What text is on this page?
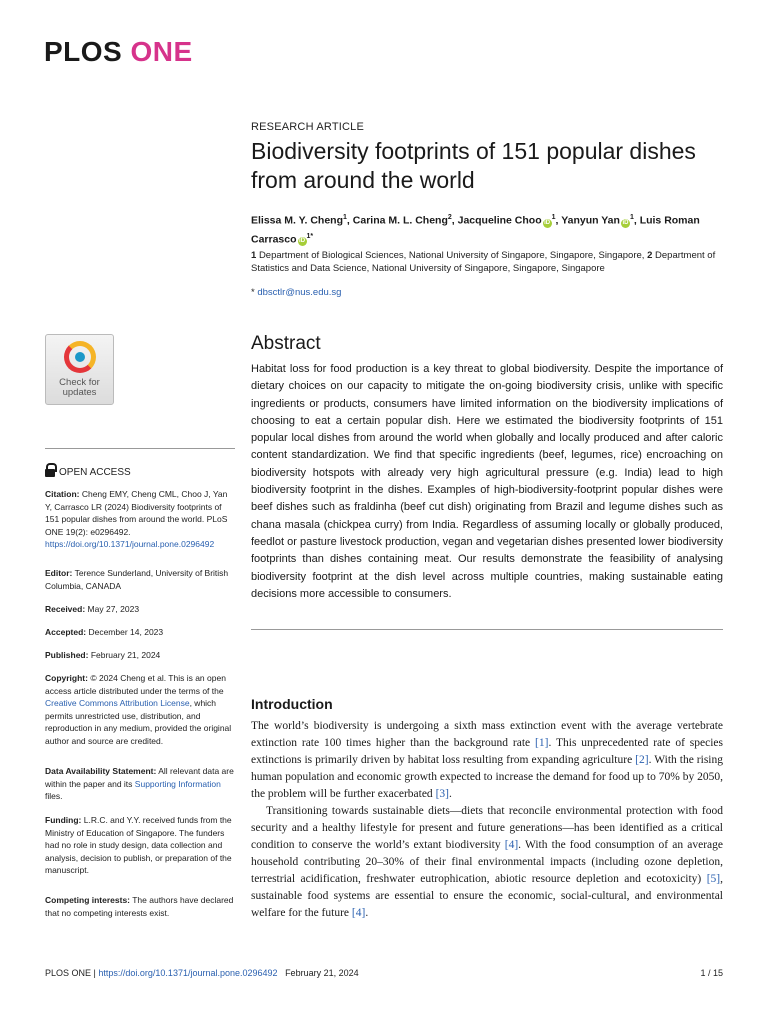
PLOS ONE
RESEARCH ARTICLE
Biodiversity footprints of 151 popular dishes from around the world
Elissa M. Y. Cheng$^1$, Carina M. L. Cheng$^2$, Jacqueline Choo $iD^1$, Yanyun Yan $iD^1$, Luis Roman Carrasco $iD^{1*}$
1 Department of Biological Sciences, National University of Singapore, Singapore, Singapore, 2 Department of Statistics and Data Science, National University of Singapore, Singapore, Singapore
* dbsctlr@nus.edu.sg
Check for
updates
OPEN ACCESS
Citation: Cheng EMY, Cheng CML, Choo J, Yan Y, Carrasco LR (2024) Biodiversity footprints of 151 popular dishes from around the world. PLoS ONE 19(2): e0296492. https://doi.org/10.1371/journal.pone.0296492
Editor: Terence Sunderland, University of British Columbia, CANADA
Received: May 27, 2023
Accepted: December 14, 2023
Published: February 21, 2024
Copyright: © 2024 Cheng et al. This is an open access article distributed under the terms of the Creative Commons Attribution License, which permits unrestricted use, distribution, and reproduction in any medium, provided the original author and source are credited.
Data Availability Statement: All relevant data are within the paper and its Supporting Information files.
Funding: L.R.C. and Y.Y. received funds from the Ministry of Education of Singapore. The funders had no role in study design, data collection and analysis, decision to publish, or preparation of the manuscript.
Competing interests: The authors have declared that no competing interests exist.
Abstract

Habitat loss for food production is a key threat to global biodiversity. Despite the importance of dietary choices on our capacity to mitigate the on-going biodiversity crisis, unlike with specific ingredients or products, consumers have limited information on the biodiversity implications of choosing to eat a certain popular dish. Here we estimated the biodiversity footprints of 151 popular local dishes from around the world when globally and locally produced and after caloric content standardization. We find that specific ingredients (beef, legumes, rice) encroaching on biodiversity hotspots with already very high agricultural pressure (e.g. India) lead to high biodiversity footprint in the dishes. Examples of high-biodiversity-footprint popular dishes were beef dishes such as fraldinha (beef cut dish) originating from Brazil and legume dishes such as chana masala (chickpea curry) from India. Regardless of assuming locally or globally produced, feedlot or pasture livestock production, vegan and vegetarian dishes presented lower biodiversity footprints than dishes containing meat. Our results demonstrate the feasibility of analysing biodiversity footprint at the dish level across multiple countries, making sustainable eating decisions more accessible to consumers.

Introduction

The world’s biodiversity is undergoing a sixth mass extinction event with the average vertebrate extinction rate 100 times higher than the background rate [1]. This unprecedented rate of species extinctions is primarily driven by habitat loss resulting from expanding agriculture [2]. With the rising human population and economic growth expected to increase the demand for food up to 70% by 2050, the problem will be further exacerbated [3].

Transitioning towards sustainable diets—diets that reconcile environmental protection with food security and a healthy lifestyle for present and future generations—has been identified as a critical condition to conserve the world’s extant biodiversity [4]. With the food consumption of an average household contributing 20–30% of their final environmental impacts (including ozone depletion, terrestrial acidification, freshwater eutrophication, abiotic resource depletion and ecotoxicity) [5], sustainable food systems are essential to ensure the economic, social-cultural, and environmental welfare for the future [4].

PLOS ONE | https://doi.org/10.1371/journal.pone.0296492 February 21, 2024	1 / 15
